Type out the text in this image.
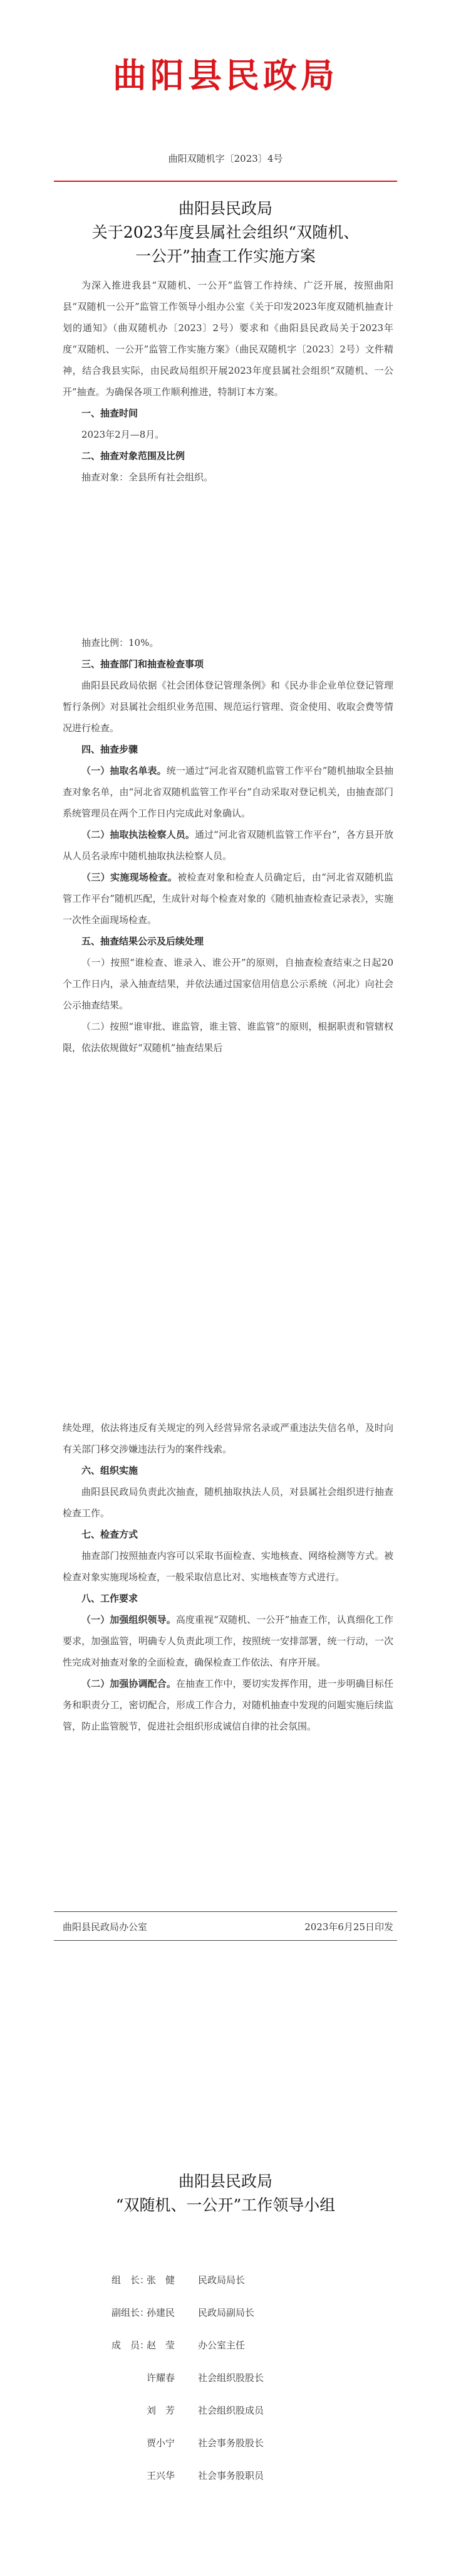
曲阳县民政局
曲阳双随机字〔2023〕4号
曲阳县民政局
关于2023年度县属社会组织“双随机、
一公开”抽查工作实施方案
为深入推进我县“双随机、一公开”监管工作持续、广泛开展，按照曲阳县“双随机一公开”监管工作领导小组办公室《关于印发2023年度双随机抽查计划的通知》（曲双随机办〔2023〕2号）要求和《曲阳县民政局关于2023年度“双随机、一公开”监管工作实施方案》（曲民双随机字〔2023〕2号）文件精神，结合我县实际，由民政局组织开展2023年度县属社会组织“双随机、一公开”抽查。为确保各项工作顺利推进，特制订本方案。
一、抽查时间
2023年2月—8月。
二、抽查对象范围及比例
抽查对象：全县所有社会组织。
抽查比例：10%。
三、抽查部门和抽查检查事项
曲阳县民政局依据《社会团体登记管理条例》和《民办非企业单位登记管理暂行条例》对县属社会组织业务范围、规范运行管理、资金使用、收取会费等情况进行检查。
四、抽查步骤
（一）抽取名单表。统一通过“河北省双随机监管工作平台”随机抽取全县抽查对象名单，由“河北省双随机监管工作平台”自动采取对登记机关，由抽查部门系统管理员在两个工作日内完成此对象确认。
（二）抽取执法检察人员。通过“河北省双随机监管工作平台”，各方县开放从人员名录库中随机抽取执法检察人员。
（三）实施现场检查。被检查对象和检查人员确定后，由“河北省双随机监管工作平台”随机匹配，生成针对每个检查对象的《随机抽查检查记录表》，实施一次性全面现场检查。
五、抽查结果公示及后续处理
（一）按照“谁检查、谁录入、谁公开”的原则，自抽查检查结束之日起20个工作日内，录入抽查结果，并依法通过国家信用信息公示系统（河北）向社会公示抽查结果。
（二）按照“谁审批、谁监管，谁主管、谁监管”的原则，根据职责和管辖权限，依法依规做好“双随机”抽查结果后
续处理，依法将违反有关规定的列入经营异常名录或严重违法失信名单，及时向有关部门移交涉嫌违法行为的案件线索。
六、组织实施
曲阳县民政局负责此次抽查，随机抽取执法人员，对县属社会组织进行抽查检查工作。
七、检查方式
抽查部门按照抽查内容可以采取书面检查、实地核查、网络检测等方式。被检查对象实施现场检查，一般采取信息比对、实地核查等方式进行。
八、工作要求
（一）加强组织领导。高度重视“双随机、一公开”抽查工作，认真细化工作要求，加强监管，明确专人负责此项工作，按照统一安排部署，统一行动，一次性完成对抽查对象的全面检查，确保检查工作依法、有序开展。
（二）加强协调配合。在抽查工作中，要切实发挥作用，进一步明确目标任务和职责分工，密切配合，形成工作合力，对随机抽查中发现的问题实施后续监管，防止监管脱节，促进社会组织形成诚信自律的社会氛围。
曲阳县民政局办公室	2023年6月25日印发
曲阳县民政局
“双随机、一公开”工作领导小组
组　长：
张　健 民政局局长
副组长：
孙建民 民政局副局长
成　员：
赵　莹 办公室主任
许耀春 社会组织股股长
刘　芳 社会组织股成员
贾小宁 社会事务股股长
王兴华 社会事务股职员
